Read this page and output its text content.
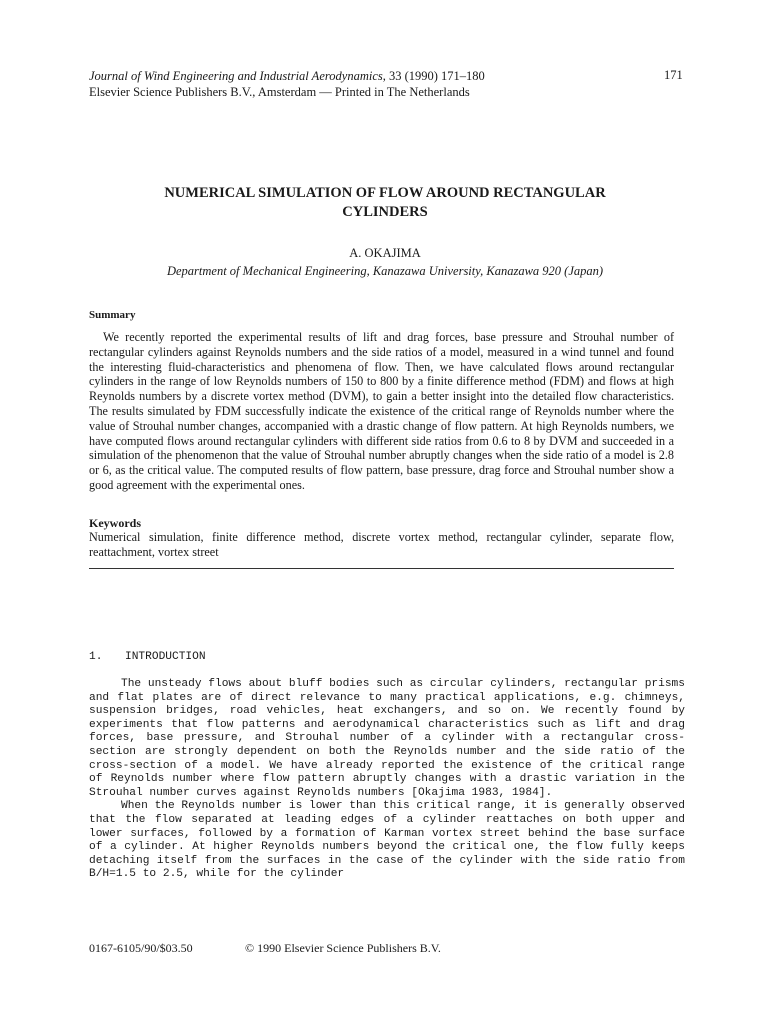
Journal of Wind Engineering and Industrial Aerodynamics, 33 (1990) 171–180
Elsevier Science Publishers B.V., Amsterdam — Printed in The Netherlands
171
NUMERICAL SIMULATION OF FLOW AROUND RECTANGULAR
CYLINDERS
A. OKAJIMA
Department of Mechanical Engineering, Kanazawa University, Kanazawa 920 (Japan)
Summary
We recently reported the experimental results of lift and drag forces, base pressure and Strouhal number of rectangular cylinders against Reynolds numbers and the side ratios of a model, measured in a wind tunnel and found the interesting fluid-characteristics and phenomena of flow. Then, we have calculated flows around rectangular cylinders in the range of low Reynolds numbers of 150 to 800 by a finite difference method (FDM) and flows at high Reynolds numbers by a discrete vortex method (DVM), to gain a better insight into the detailed flow characteristics. The results simulated by FDM successfully indicate the existence of the critical range of Reynolds number where the value of Strouhal number changes, accompanied with a drastic change of flow pattern. At high Reynolds numbers, we have computed flows around rectangular cylinders with different side ratios from 0.6 to 8 by DVM and succeeded in a simulation of the phenomenon that the value of Strouhal number abruptly changes when the side ratio of a model is 2.8 or 6, as the critical value. The computed results of flow pattern, base pressure, drag force and Strouhal number show a good agreement with the experimental ones.
Keywords
Numerical simulation, finite difference method, discrete vortex method, rectangular cylinder, separate flow, reattachment, vortex street
1. INTRODUCTION

The unsteady flows about bluff bodies such as circular cylinders, rectangular prisms and flat plates are of direct relevance to many practical applications, e.g. chimneys, suspension bridges, road vehicles, heat exchangers, and so on. We recently found by experiments that flow patterns and aerodynamical characteristics such as lift and drag forces, base pressure, and Strouhal number of a cylinder with a rectangular cross-section are strongly dependent on both the Reynolds number and the side ratio of the cross-section of a model. We have already reported the existence of the critical range of Reynolds number where flow pattern abruptly changes with a drastic variation in the Strouhal number curves against Reynolds numbers [Okajima 1983, 1984].

When the Reynolds number is lower than this critical range, it is generally observed that the flow separated at leading edges of a cylinder reattaches on both upper and lower surfaces, followed by a formation of Karman vortex street behind the base surface of a cylinder. At higher Reynolds numbers beyond the critical one, the flow fully keeps detaching itself from the surfaces in the case of the cylinder with the side ratio from B/H=1.5 to 2.5, while for the cylinder

0167-6105/90/$03.50	© 1990 Elsevier Science Publishers B.V.
